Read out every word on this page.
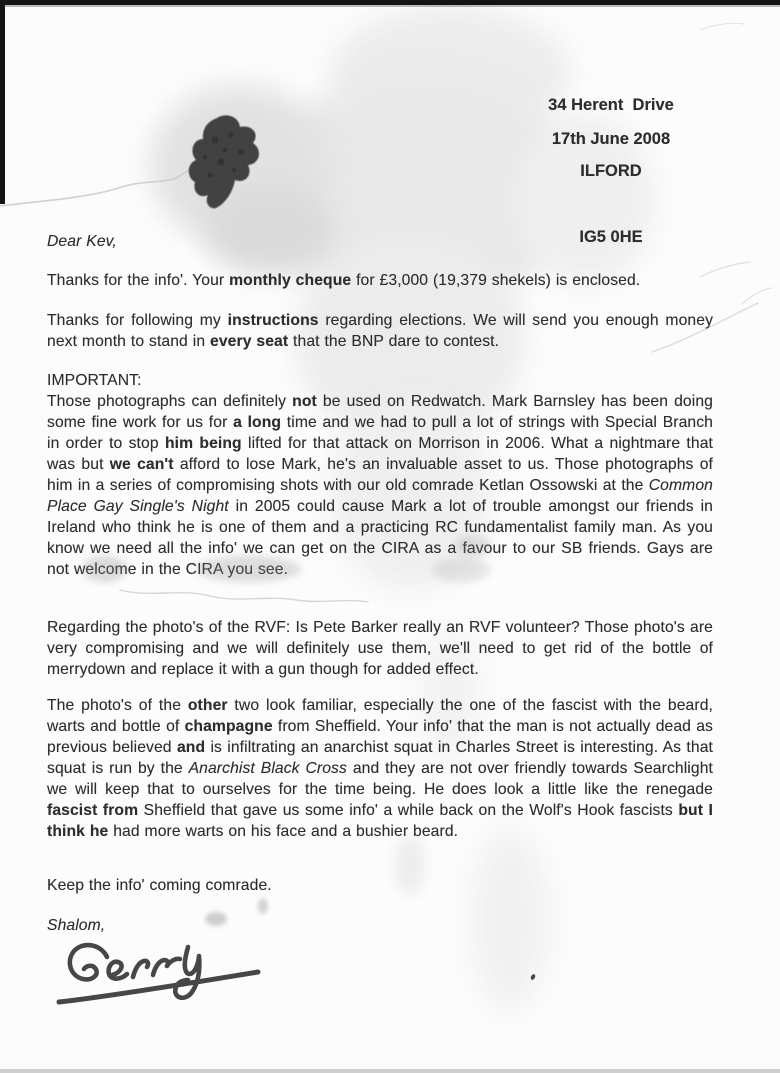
34 Herent  Drive

ILFORD

IG5 0HE

17th June 2008

Dear Kev,

Thanks for the info'. Your monthly cheque for £3,000 (19,379 shekels) is enclosed.

Thanks for following my instructions regarding elections. We will send you enough money next month to stand in every seat that the BNP dare to contest.

IMPORTANT:

Those photographs can definitely not be used on Redwatch. Mark Barnsley has been doing some fine work for us for a long time and we had to pull a lot of strings with Special Branch in order to stop him being lifted for that attack on Morrison in 2006. What a nightmare that was but we can't afford to lose Mark, he's an invaluable asset to us. Those photographs of him in a series of compromising shots with our old comrade Ketlan Ossowski at the Common Place Gay Single's Night in 2005 could cause Mark a lot of trouble amongst our friends in Ireland who think he is one of them and a practicing RC fundamentalist family man. As you know we need all the info' we can get on the CIRA as a favour to our SB friends. Gays are not welcome in the CIRA you see.

Regarding the photo's of the RVF: Is Pete Barker really an RVF volunteer? Those photo's are very compromising and we will definitely use them, we'll need to get rid of the bottle of merrydown and replace it with a gun though for added effect.

The photo's of the other two look familiar, especially the one of the fascist with the beard, warts and bottle of champagne from Sheffield. Your info' that the man is not actually dead as previous believed and is infiltrating an anarchist squat in Charles Street is interesting. As that squat is run by the Anarchist Black Cross and they are not over friendly towards Searchlight we will keep that to ourselves for the time being. He does look a little like the renegade fascist from Sheffield that gave us some info' a while back on the Wolf's Hook fascists but I think he had more warts on his face and a bushier beard.

Keep the info' coming comrade.

Shalom,
